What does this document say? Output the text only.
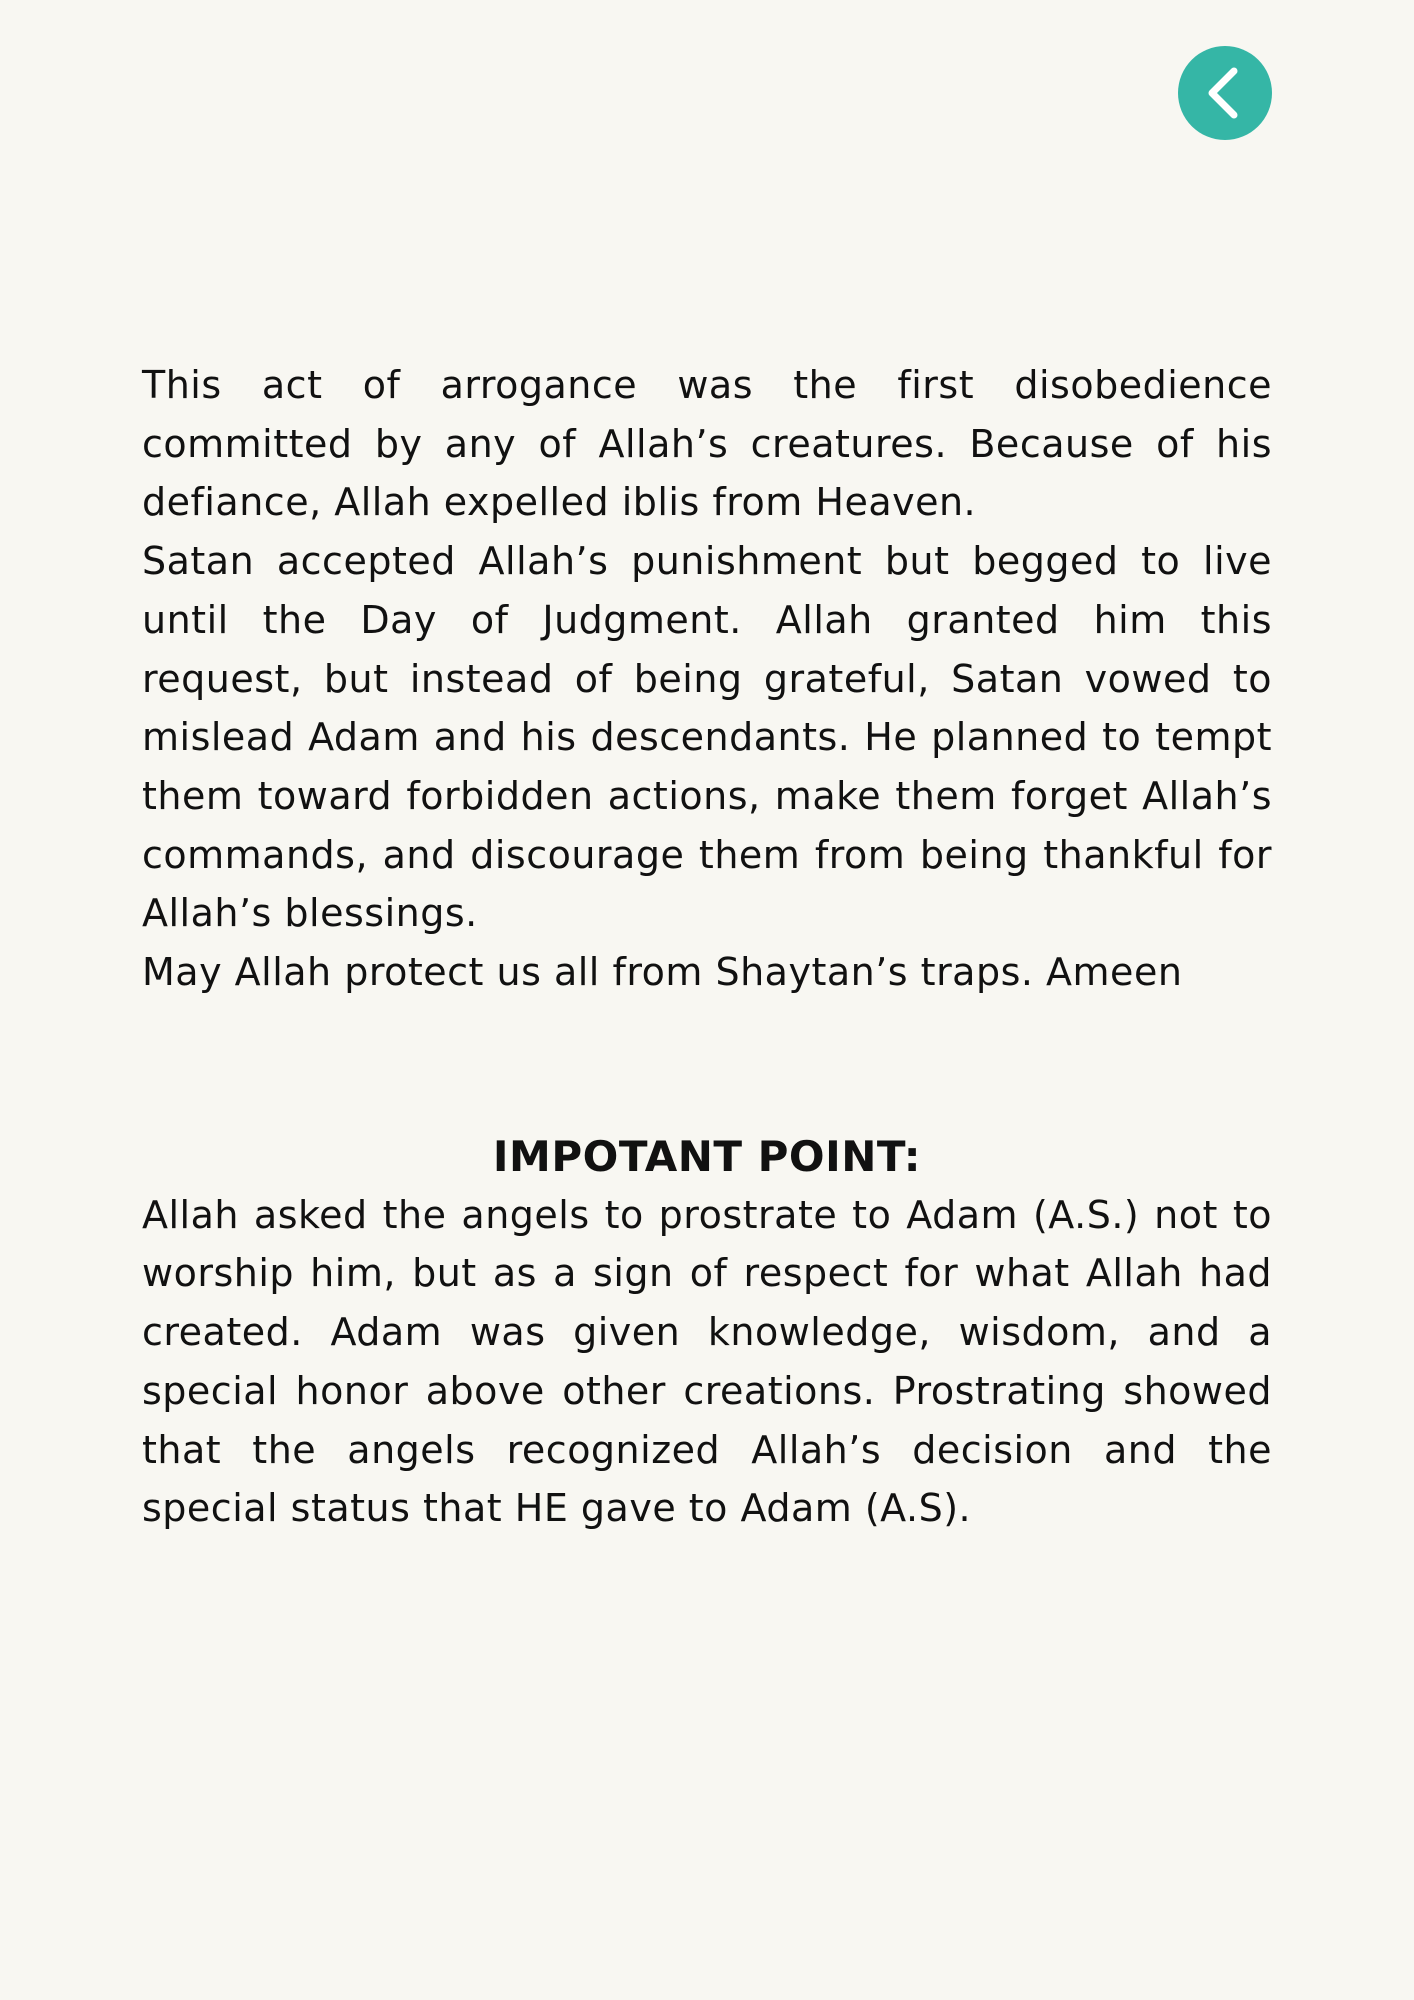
This act of arrogance was the first disobedience committed by any of Allah’s creatures. Because of his defiance, Allah expelled iblis from Heaven.

Satan accepted Allah’s punishment but begged to live until the Day of Judgment. Allah granted him this request, but instead of being grateful, Satan vowed to mislead Adam and his descendants. He planned to tempt them toward forbidden actions, make them forget Allah’s commands, and discourage them from being thankful for Allah’s blessings.

May Allah protect us all from Shaytan’s traps. Ameen

IMPOTANT POINT:

Allah asked the angels to prostrate to Adam (A.S.) not to worship him, but as a sign of respect for what Allah had created. Adam was given knowledge, wisdom, and a special honor above other creations. Prostrating showed that the angels recognized Allah’s decision and the special status that HE gave to Adam (A.S).
